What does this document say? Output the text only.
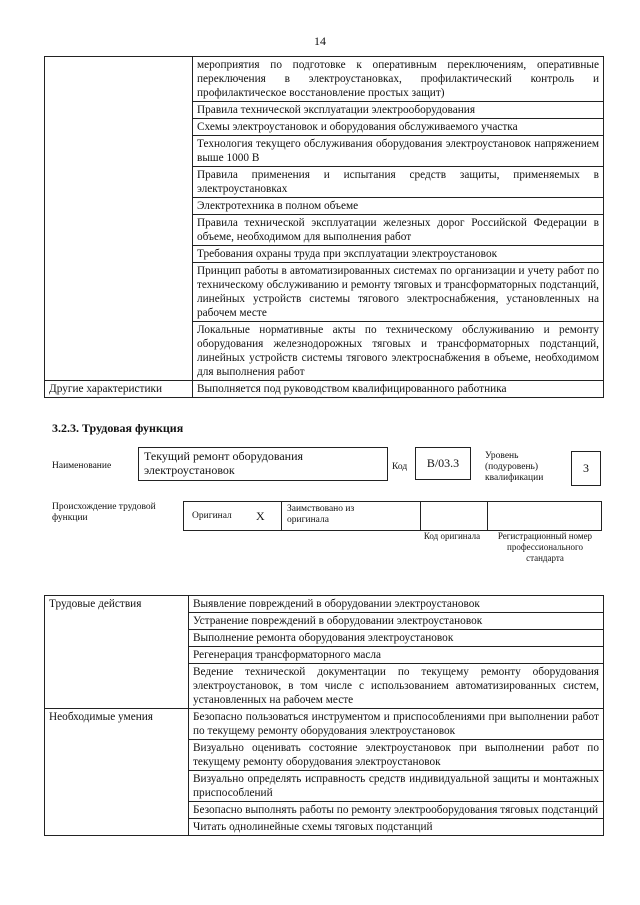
14
	мероприятия по подготовке к оперативным переключениям, оперативные переключения в электроустановках, профилактический контроль и профилактическое восстановление простых защит)
	Правила технической эксплуатации электрооборудования
	Схемы электроустановок и оборудования обслуживаемого участка
	Технология текущего обслуживания оборудования электроустановок напряжением выше 1000 В
	Правила применения и испытания средств защиты, применяемых в электроустановках
	Электротехника в полном объеме
	Правила технической эксплуатации железных дорог Российской Федерации в объеме, необходимом для выполнения работ
	Требования охраны труда при эксплуатации электроустановок
	Принцип работы в автоматизированных системах по организации и учету работ по техническому обслуживанию и ремонту тяговых и трансформаторных подстанций, линейных устройств системы тягового электроснабжения, установленных на рабочем месте
	Локальные нормативные акты по техническому обслуживанию и ремонту оборудования железнодорожных тяговых и трансформаторных подстанций, линейных устройств системы тягового электроснабжения в объеме, необходимом для выполнения работ
Другие характеристики	Выполняется под руководством квалифицированного работника
3.2.3. Трудовая функция
Наименование
Текущий ремонт оборудования электроустановок	Код	B/03.3	Уровень (подуровень) квалификации
3
Происхождение трудовой функции	Оригинал X Заимствовано из оригинала
Код оригинала	Регистрационный номер профессионального стандарта
Трудовые действия	Выявление повреждений в оборудовании электроустановок
	Устранение повреждений в оборудовании электроустановок
	Выполнение ремонта оборудования электроустановок
	Регенерация трансформаторного масла
	Ведение технической документации по текущему ремонту оборудования электроустановок, в том числе с использованием автоматизированных систем, установленных на рабочем месте
Необходимые умения	Безопасно пользоваться инструментом и приспособлениями при выполнении работ по текущему ремонту оборудования электроустановок
	Визуально оценивать состояние электроустановок при выполнении работ по текущему ремонту оборудования электроустановок
	Визуально определять исправность средств индивидуальной защиты и монтажных приспособлений
	Безопасно выполнять работы по ремонту электрооборудования тяговых подстанций
	Читать однолинейные схемы тяговых подстанций
